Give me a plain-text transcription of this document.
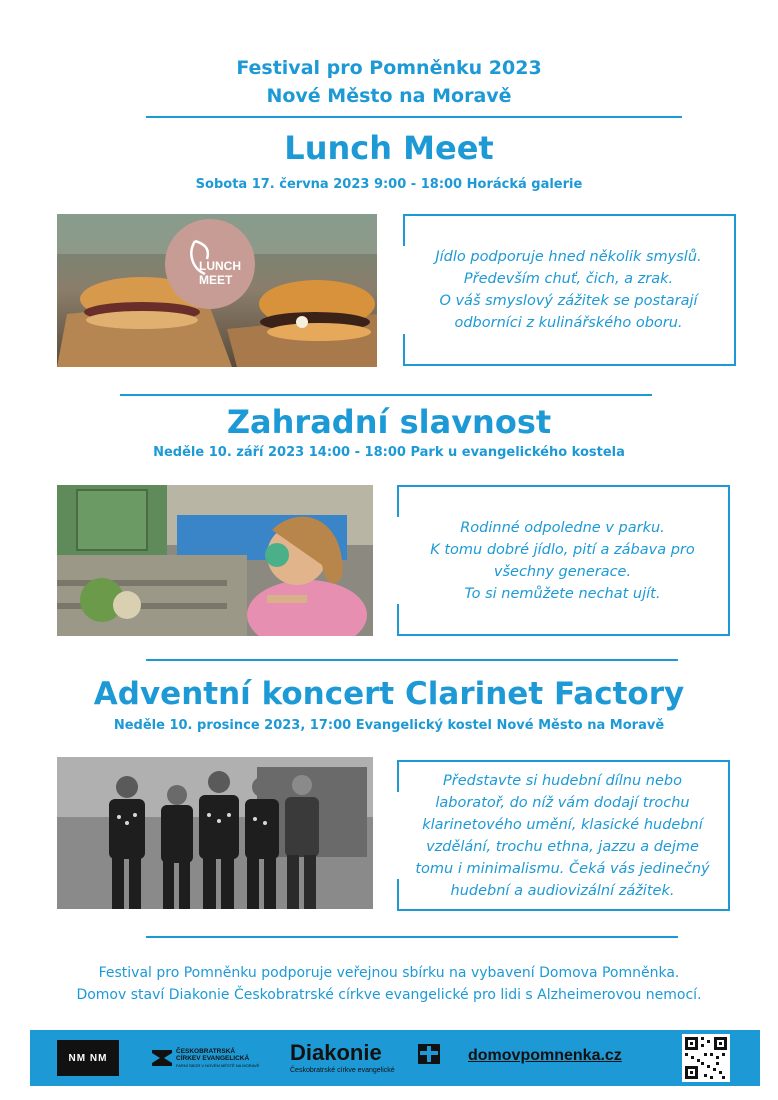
Festival pro Pomněnku 2023
Nové Město na Moravě
Lunch Meet
Sobota 17. června 2023 9:00 - 18:00 Horácká galerie
LUNCH
MEET
Jídlo podporuje hned několik smyslů.
Především chuť, čich, a zrak.
O váš smyslový zážitek se postarají
odborníci z kulinářského oboru.
Zahradní slavnost
Neděle 10. září 2023 14:00 - 18:00 Park u evangelického kostela
Rodinné odpoledne v parku.
K tomu dobré jídlo, pití a zábava pro
všechny generace.
To si nemůžete nechat ujít.
Adventní koncert Clarinet Factory
Neděle 10. prosince 2023, 17:00 Evangelický kostel Nové Město na Moravě
Představte si hudební dílnu nebo
laboratoř, do níž vám dodají trochu
klarinetového umění, klasické hudební
vzdělání, trochu ethna, jazzu a dejme
tomu i minimalismu. Čeká vás jedinečný
hudební a audiovizální zážitek.
Festival pro Pomněnku podporuje veřejnou sbírku na vybavení Domova Pomněnka.
Domov staví Diakonie Českobratrské církve evangelické pro lidi s Alzheimerovou nemocí.
NM NM
ČESKOBRATRSKÁ
CÍRKEV EVANGELICKÁ
FARNÍ SBOR V NOVÉM MĚSTĚ NA MORAVĚ
Diakonie
Českobratrské církve evangelické
domovpomnenka.cz
